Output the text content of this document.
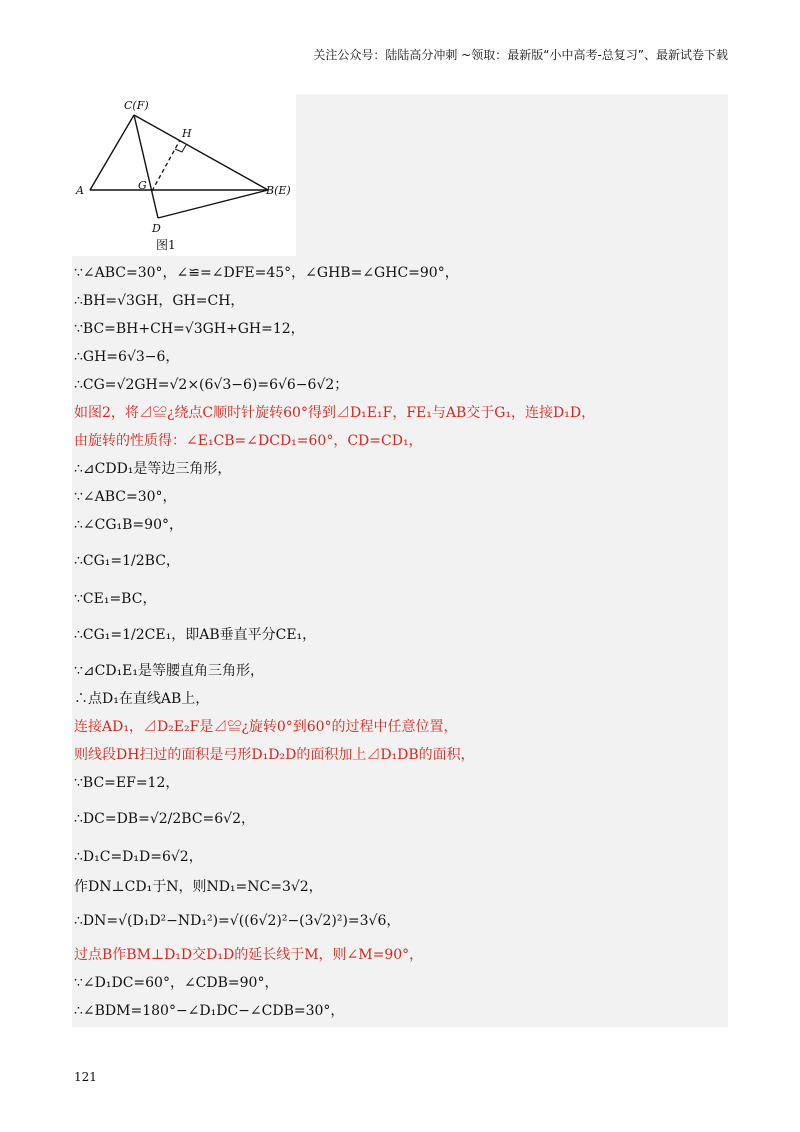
关注公众号：陆陆高分冲刺 ~领取：最新版“小中高考-总复习”、最新试卷下载
C(F)
H
A	G	B(E)
D
图1
∵∠ABC=30°，∠≌=∠DFE=45°，∠GHB=∠GHC=90°，
∴BH=√3GH，GH=CH，
∵BC=BH+CH=√3GH+GH=12，
∴GH=6√3−6，
∴CG=√2GH=√2×(6√3−6)=6√6−6√2；
如图2，将⊿≌¿绕点C顺时针旋转60°得到⊿D₁E₁F，FE₁与AB交于G₁，连接D₁D，
由旋转的性质得：∠E₁CB=∠DCD₁=60°，CD=CD₁，
∴⊿CDD₁是等边三角形，
∵∠ABC=30°，
∴∠CG₁B=90°，
∴CG₁=1/2BC，
∵CE₁=BC，
∴CG₁=1/2CE₁，即AB垂直平分CE₁，
∵⊿CD₁E₁是等腰直角三角形，
∴点D₁在直线AB上，
连接AD₁，⊿D₂E₂F是⊿≌¿旋转0°到60°的过程中任意位置，
则线段DH扫过的面积是弓形D₁D₂D的面积加上⊿D₁DB的面积，
∵BC=EF=12，
∴DC=DB=√2/2BC=6√2，
∴D₁C=D₁D=6√2，
作DN⊥CD₁于N，则ND₁=NC=3√2，
∴DN=√(D₁D²−ND₁²)=√((6√2)²−(3√2)²)=3√6，
过点B作BM⊥D₁D交D₁D的延长线于M，则∠M=90°，
∵∠D₁DC=60°，∠CDB=90°，
∴∠BDM=180°−∠D₁DC−∠CDB=30°，
121
